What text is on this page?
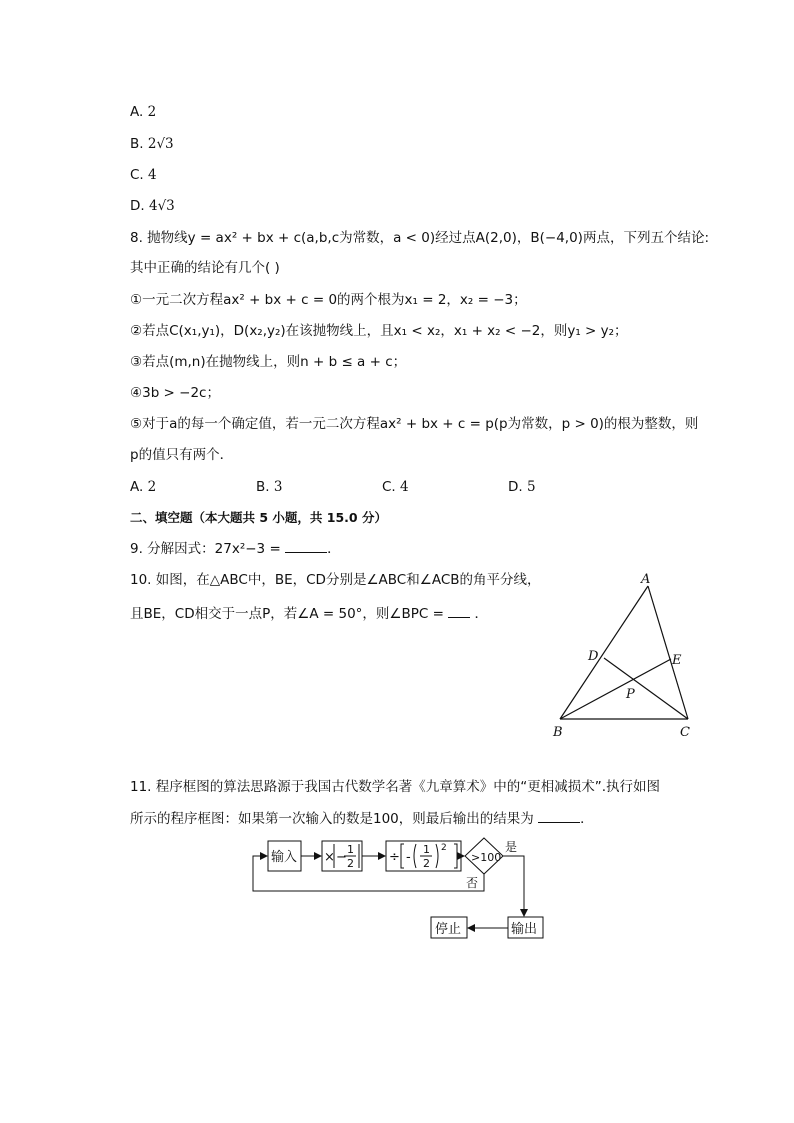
A. 2
B. 2√3
C. 4
D. 4√3
8. 抛物线y = ax² + bx + c(a,b,c为常数，a < 0)经过点A(2,0)，B(−4,0)两点，下列五个结论:
其中正确的结论有几个( )
①一元二次方程ax² + bx + c = 0的两个根为x₁ = 2，x₂ = −3；
②若点C(x₁,y₁)，D(x₂,y₂)在该抛物线上，且x₁ < x₂，x₁ + x₂ < −2，则y₁ > y₂；
③若点(m,n)在抛物线上，则n + b ≤ a + c；
④3b > −2c；
⑤对于a的每一个确定值，若一元二次方程ax² + bx + c = p(p为常数，p > 0)的根为整数，则
p的值只有两个．
A. 2	B. 3	C. 4	D. 5
二、填空题（本大题共 5 小题，共 15.0 分）
9. 分解因式：27x²−3 =	．
10. 如图，在△ABC中，BE，CD分别是∠ABC和∠ACB的角平分线，
且BE，CD相交于一点P，若∠A = 50°，则∠BPC = ．
A
B	C
D	E
P
11. 程序框图的算法思路源于我国古代数学名著《九章算术》中的“更相减损术”.执行如图
所示的程序框图：如果第一次输入的数是100，则最后输出的结果为	．
输入 × −
1
2	÷ -
1
2
2
>100
是
否
输出
停止
